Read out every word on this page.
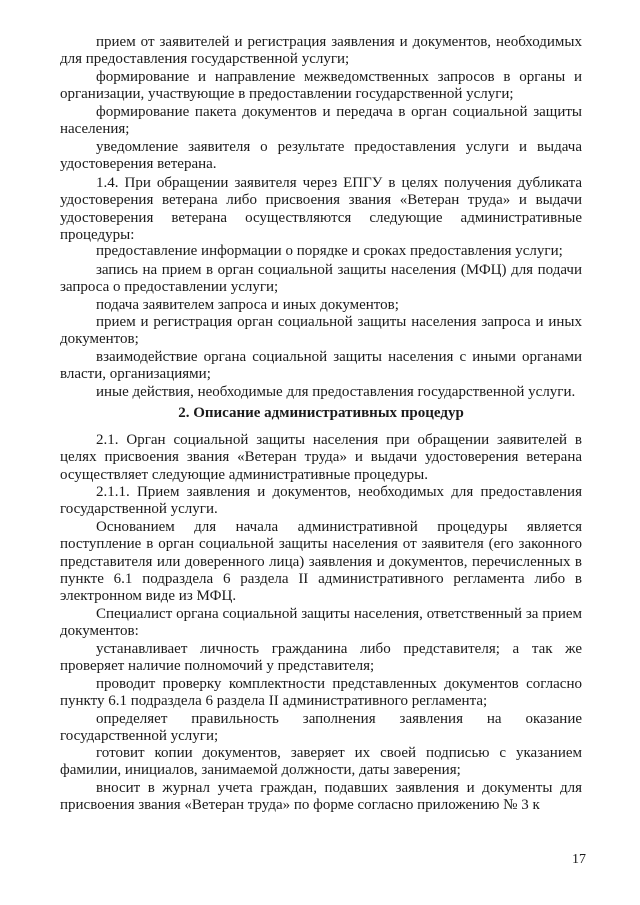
прием от заявителей и регистрация заявления и документов, необходимых для предоставления государственной услуги;

формирование и направление межведомственных запросов в органы и организации, участвующие в предоставлении государственной услуги;

формирование пакета документов и передача в орган социальной защиты населения;

уведомление заявителя о результате предоставления услуги и выдача удостоверения ветерана.

1.4. При обращении заявителя через ЕПГУ в целях получения дубликата удостоверения ветерана либо присвоения звания «Ветеран труда» и выдачи удостоверения ветерана осуществляются следующие административные процедуры:

предоставление информации о порядке и сроках предоставления услуги;

запись на прием в орган социальной защиты населения (МФЦ) для подачи запроса о предоставлении услуги;

подача заявителем запроса и иных документов;

прием и регистрация орган социальной защиты населения запроса и иных документов;

взаимодействие органа социальной защиты населения с иными органами власти, организациями;

иные действия, необходимые для предоставления государственной услуги.

2. Описание административных процедур

2.1. Орган социальной защиты населения при обращении заявителей в целях присвоения звания «Ветеран труда» и выдачи удостоверения ветерана осуществляет следующие административные процедуры.

2.1.1. Прием заявления и документов, необходимых для предоставления государственной услуги.

Основанием для начала административной процедуры является поступление в орган социальной защиты населения от заявителя (его законного представителя или доверенного лица) заявления и документов, перечисленных в пункте 6.1 подраздела 6 раздела II административного регламента либо в электронном виде из МФЦ.

Специалист органа социальной защиты населения, ответственный за прием документов:

устанавливает личность гражданина либо представителя; а так же проверяет наличие полномочий у представителя;

проводит проверку комплектности представленных документов согласно пункту 6.1 подраздела 6 раздела II административного регламента;

определяет правильность заполнения заявления на оказание государственной услуги;

готовит копии документов, заверяет их своей подписью с указанием фамилии, инициалов, занимаемой должности, даты заверения;

вносит в журнал учета граждан, подавших заявления и документы для присвоения звания «Ветеран труда» по форме согласно приложению № 3 к

17
